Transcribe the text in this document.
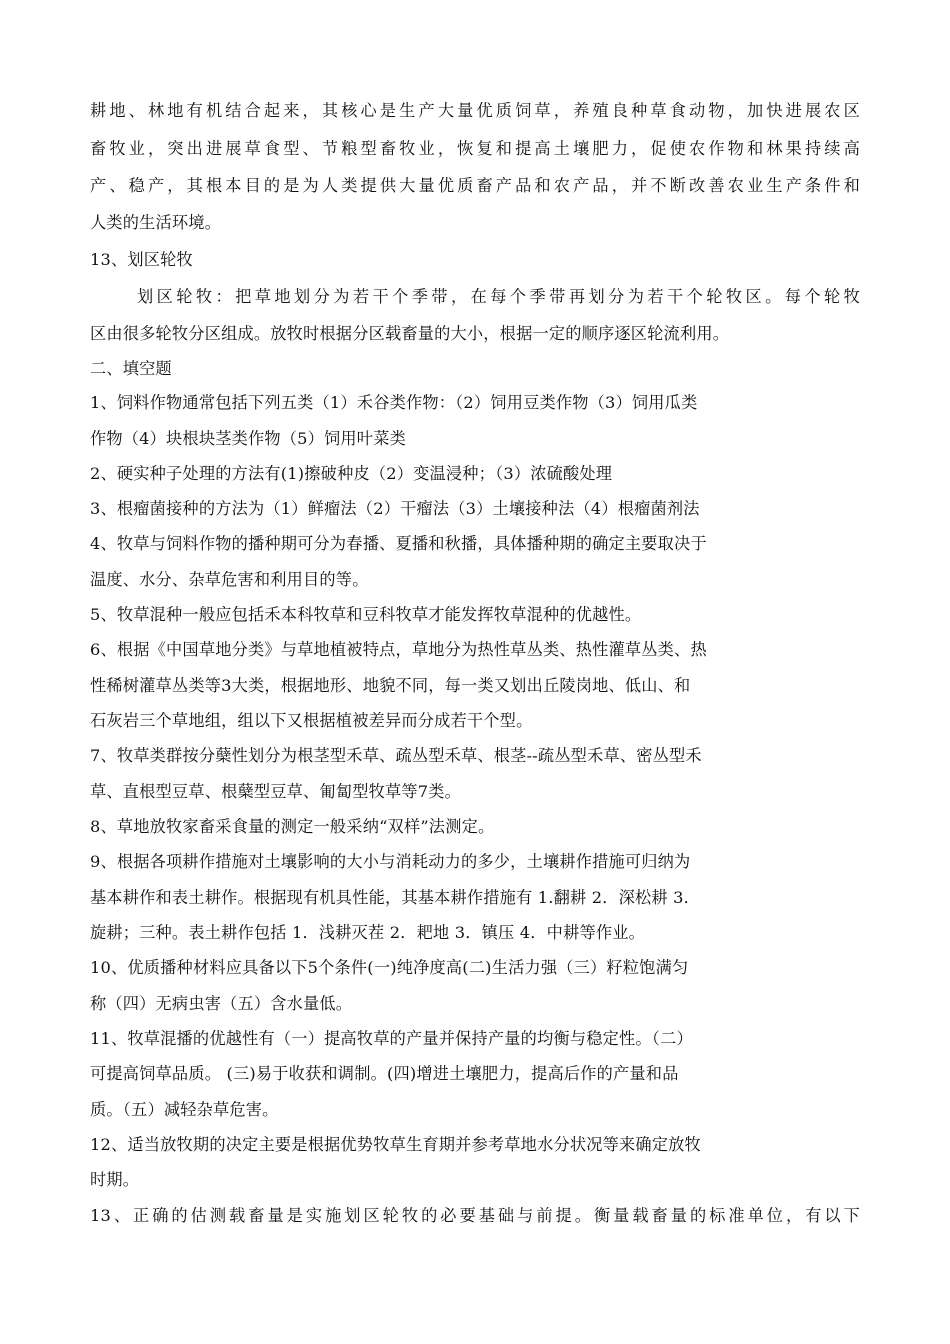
耕地、林地有机结合起来，其核心是生产大量优质饲草，养殖良种草食动物，加快进展农区
畜牧业，突出进展草食型、节粮型畜牧业，恢复和提高土壤肥力，促使农作物和林果持续高
产、稳产，其根本目的是为人类提供大量优质畜产品和农产品，并不断改善农业生产条件和
人类的生活环境。
13、划区轮牧
划区轮牧：把草地划分为若干个季带，在每个季带再划分为若干个轮牧区。每个轮牧
区由很多轮牧分区组成。放牧时根据分区载畜量的大小，根据一定的顺序逐区轮流利用。
二、填空题
1、饲料作物通常包括下列五类（1）禾谷类作物：（2）饲用豆类作物（3）饲用瓜类
作物（4）块根块茎类作物（5）饲用叶菜类
2、硬实种子处理的方法有(1)擦破种皮（2）变温浸种；（3）浓硫酸处理
3、根瘤菌接种的方法为（1）鲜瘤法（2）干瘤法（3）土壤接种法（4）根瘤菌剂法
4、牧草与饲料作物的播种期可分为春播、夏播和秋播，具体播种期的确定主要取决于
温度、水分、杂草危害和利用目的等。
5、牧草混种一般应包括禾本科牧草和豆科牧草才能发挥牧草混种的优越性。
6、根据《中国草地分类》与草地植被特点，草地分为热性草丛类、热性灌草丛类、热
性稀树灌草丛类等3大类，根据地形、地貌不同，每一类又划出丘陵岗地、低山、和
石灰岩三个草地组，组以下又根据植被差异而分成若干个型。
7、牧草类群按分蘖性划分为根茎型禾草、疏丛型禾草、根茎--疏丛型禾草、密丛型禾
草、直根型豆草、根蘖型豆草、匍匐型牧草等7类。
8、草地放牧家畜采食量的测定一般采纳“双样”法测定。
9、根据各项耕作措施对土壤影响的大小与消耗动力的多少，土壤耕作措施可归纳为
基本耕作和表土耕作。根据现有机具性能，其基本耕作措施有 1.翻耕 2．深松耕 3．
旋耕；三种。表土耕作包括 1．浅耕灭茬 2．耙地 3．镇压 4．中耕等作业。
10、优质播种材料应具备以下5个条件(一)纯净度高(二)生活力强（三）籽粒饱满匀
称（四）无病虫害（五）含水量低。
11、牧草混播的优越性有（一）提高牧草的产量并保持产量的均衡与稳定性。（二）
可提高饲草品质。 (三)易于收获和调制。(四)增进土壤肥力，提高后作的产量和品
质。（五）减轻杂草危害。
12、适当放牧期的决定主要是根据优势牧草生育期并参考草地水分状况等来确定放牧
时期。
13、正确的估测载畜量是实施划区轮牧的必要基础与前提。衡量载畜量的标准单位，有以下
